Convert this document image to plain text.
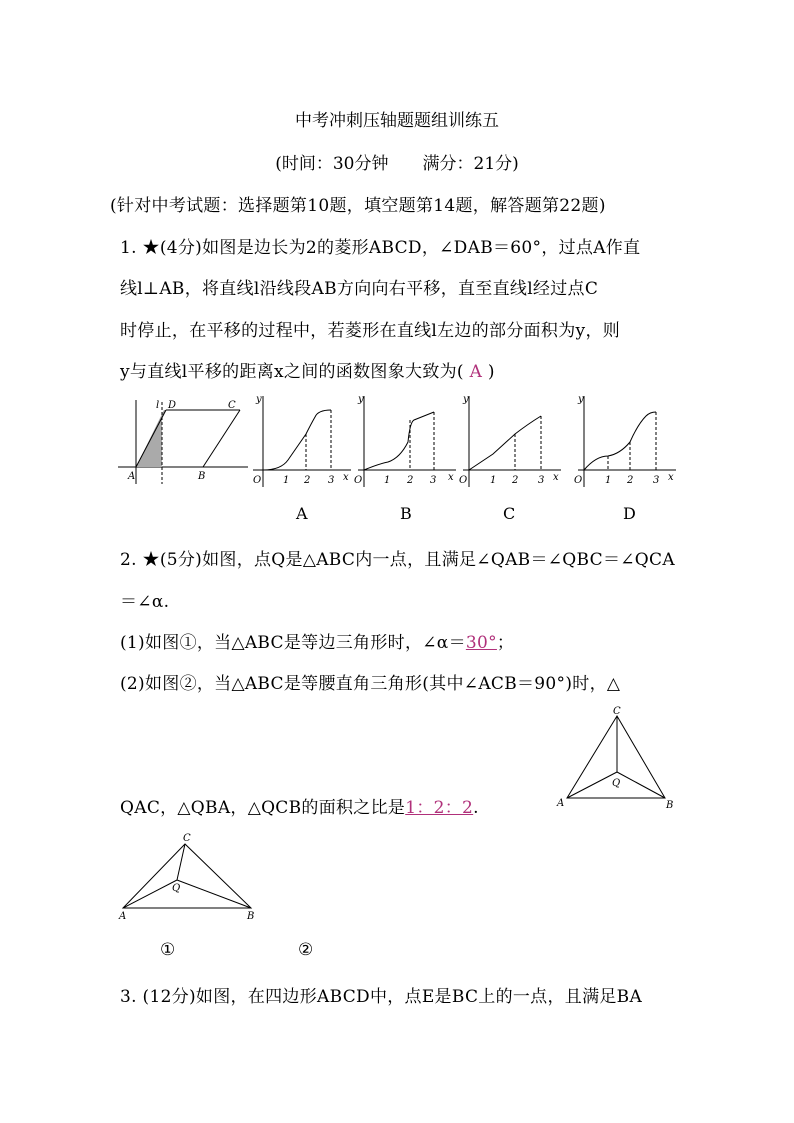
中考冲刺压轴题题组训练五
(时间：30分钟　　满分：21分)
(针对中考试题：选择题第10题，填空题第14题，解答题第22题)
1. ★(4分)如图是边长为2的菱形ABCD，∠DAB＝60°，过点A作直
线l⊥AB，将直线l沿线段AB方向向右平移，直至直线l经过点C
时停止，在平移的过程中，若菱形在直线l左边的部分面积为y，则
y与直线l平移的距离x之间的函数图象大致为( A )
l D	C
A	B
y
O 1 2 3 x
y
O 1 2 3 x
y
O 1 2 3 x
y
O 1 2 3 x
A	B	C	D
2. ★(5分)如图，点Q是△ABC内一点，且满足∠QAB＝∠QBC＝∠QCA
＝∠α.
(1)如图①，当△ABC是等边三角形时，∠α＝30°；
(2)如图②，当△ABC是等腰直角三角形(其中∠ACB＝90°)时，△
QAC，△QBA，△QCB的面积之比是1：2：2.
C
A	B
Q
C
A	B
Q
①	②
3. (12分)如图，在四边形ABCD中，点E是BC上的一点，且满足BA
